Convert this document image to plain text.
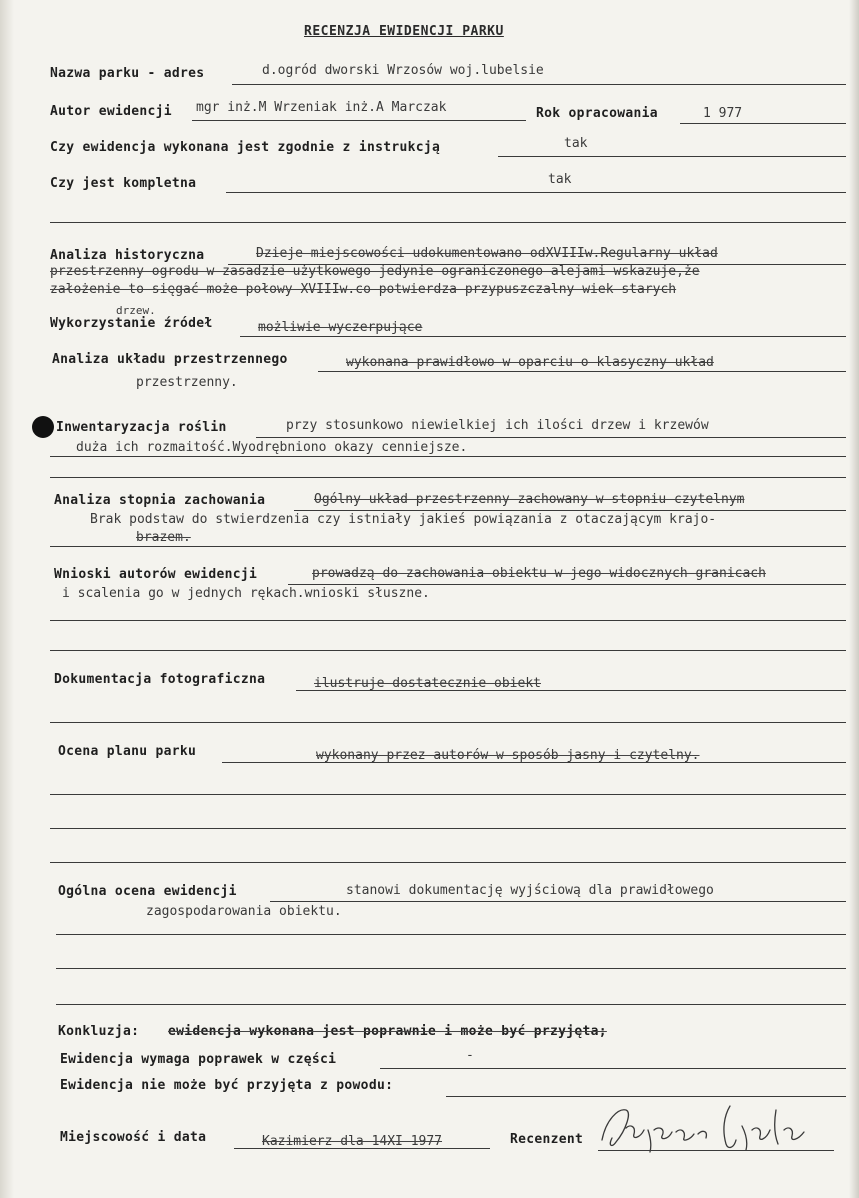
RECENZJA EWIDENCJI PARKU
Nazwa parku - adres	d.ogród dworski Wrzosów woj.lubelsie
Autor ewidencji mgr inż.M Wrzeniak inż.A Marczak	Rok opracowania	1 977
Czy ewidencja wykonana jest zgodnie z instrukcją	tak
Czy jest kompletna	tak
Analiza historyczna	Dzieje miejscowości udokumentowano odXVIIIw.Regularny układ
przestrzenny ogrodu w zasadzie użytkowego jedynie ograniczonego alejami wskazuje,że
założenie to sięgać może połowy XVIIIw.co potwierdza przypuszczalny wiek starych
drzew.
Wykorzystanie źródeł	możliwie wyczerpujące
Analiza układu przestrzennego	wykonana prawidłowo w oparciu o klasyczny układ
przestrzenny.
Inwentaryzacja roślin	przy stosunkowo niewielkiej ich ilości drzew i krzewów
duża ich rozmaitość.Wyodrębniono okazy cenniejsze.
Analiza stopnia zachowania	Ogólny układ przestrzenny zachowany w stopniu czytelnym
Brak podstaw do stwierdzenia czy istniały jakieś powiązania z otaczającym krajo-
brazem.
Wnioski autorów ewidencji	prowadzą do zachowania obiektu w jego widocznych granicach
i scalenia go w jednych rękach.wnioski słuszne.
Dokumentacja fotograficzna	ilustruje dostatecznie obiekt
Ocena planu parku	wykonany przez autorów w sposób jasny i czytelny.
Ogólna ocena ewidencji	stanowi dokumentację wyjściową dla prawidłowego
zagospodarowania obiektu.
Konkluzja: ewidencja wykonana jest poprawnie i może być przyjęta;
Ewidencja wymaga poprawek w części	-
Ewidencja nie może być przyjęta z powodu:
Miejscowość i data	Kazimierz dla 14XI 1977	Recenzent
